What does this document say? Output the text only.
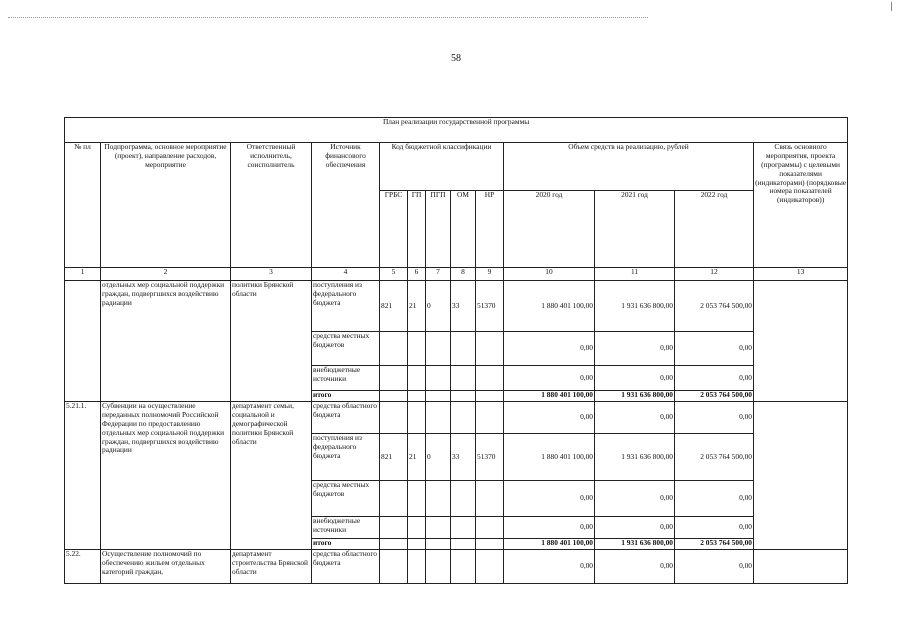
58
План реализации государственной программы												
№ пл	Подпрограмма, основное мероприятие (проект), направление расходов, мероприятие	Ответственный исполнитель, соисполнитель	Источник финансового обеспечения	Код бюджетной классификации					Объем средств на реализацию, рублей			Связь основного мероприятия, проекта (программы) с целевыми показателями (индикаторами) (порядковые номера показателей (индикаторов))
				ГРБС	ГП	ПГП	ОМ	НР	2020 год	2021 год	2022 год	
1	2	3	4	5	6	7	8	9	10	11	12	13
	отдельных мер социальной поддержки граждан, подвергшихся воздействию радиации	политики Брянской области	поступления из федерального бюджета	821	21	0	33	51370	1 880 401 100,00	1 931 636 800,00	2 053 764 500,00	
			средства местных бюджетов						0,00	0,00	0,00	
			внебюджетные источники						0,00	0,00	0,00	
			итого						1 880 401 100,00	1 931 636 800,00	2 053 764 500,00	
5.21.1.	Субвенции на осуществление переданных полномочий Российской Федерации по предоставлению отдельных мер социальной поддержки граждан, подвергшихся воздействию радиации	департамент семьи, социальной и демографической политики Брянской области	средства областного бюджета						0,00	0,00	0,00	
			поступления из федерального бюджета	821	21	0	33	51370	1 880 401 100,00	1 931 636 800,00	2 053 764 500,00	
			средства местных бюджетов						0,00	0,00	0,00	
			внебюджетные источники						0,00	0,00	0,00	
			итого						1 880 401 100,00	1 931 636 800,00	2 053 764 500,00	
5.22.	Осуществление полномочий по обеспечению жильем отдельных категорий граждан,	департамент строительства Брянской области	средства областного бюджета						0,00	0,00	0,00	
